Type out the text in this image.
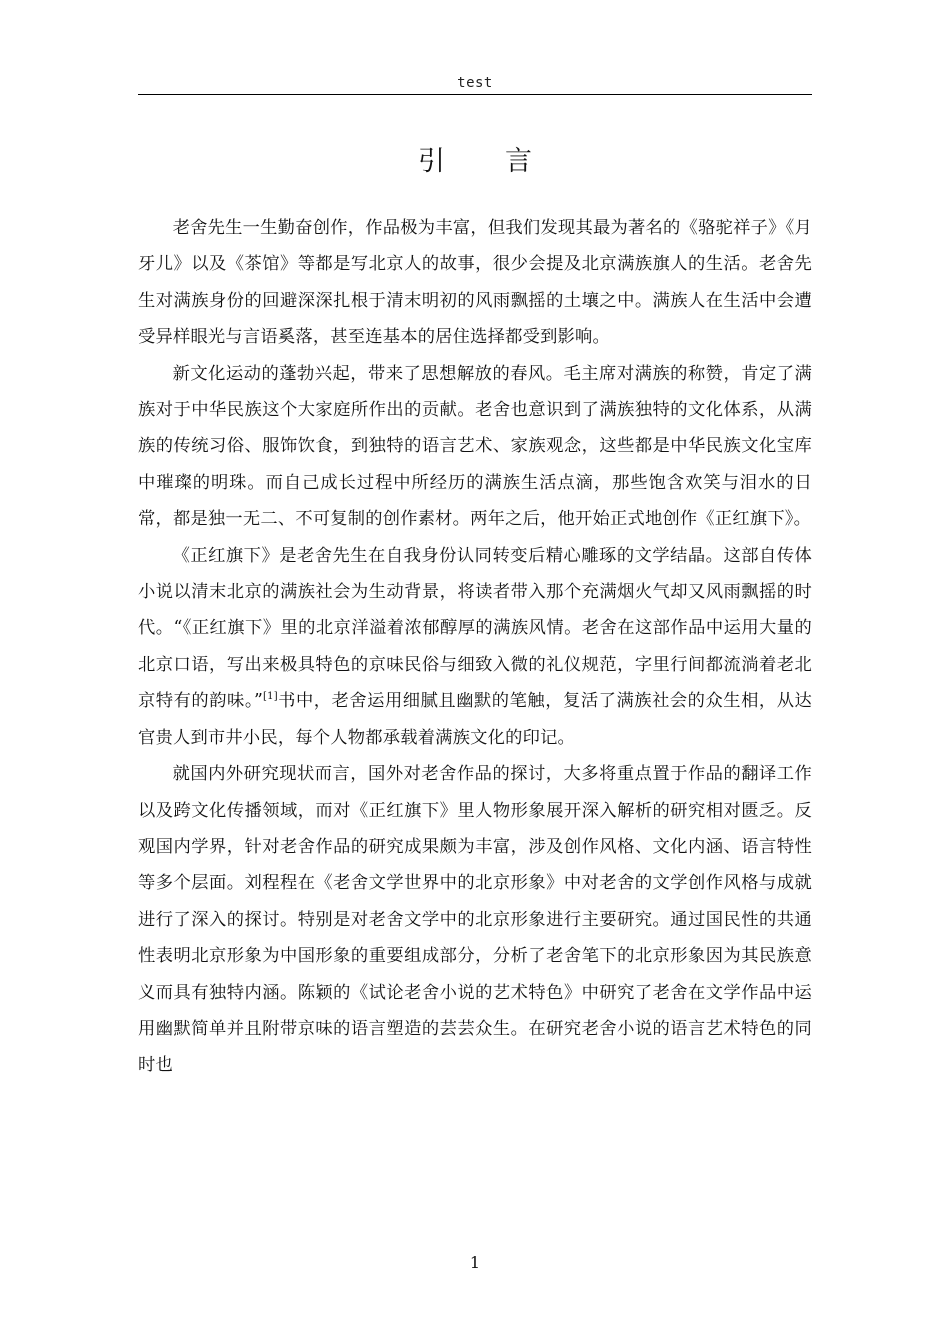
test
引言

老舍先生一生勤奋创作，作品极为丰富，但我们发现其最为著名的《骆驼祥子》《月牙儿》以及《茶馆》等都是写北京人的故事，很少会提及北京满族旗人的生活。老舍先生对满族身份的回避深深扎根于清末明初的风雨飘摇的土壤之中。满族人在生活中会遭受异样眼光与言语奚落，甚至连基本的居住选择都受到影响。

新文化运动的蓬勃兴起，带来了思想解放的春风。毛主席对满族的称赞，肯定了满族对于中华民族这个大家庭所作出的贡献。老舍也意识到了满族独特的文化体系，从满族的传统习俗、服饰饮食，到独特的语言艺术、家族观念，这些都是中华民族文化宝库中璀璨的明珠。而自己成长过程中所经历的满族生活点滴，那些饱含欢笑与泪水的日常，都是独一无二、不可复制的创作素材。两年之后，他开始正式地创作《正红旗下》。

《正红旗下》是老舍先生在自我身份认同转变后精心雕琢的文学结晶。这部自传体小说以清末北京的满族社会为生动背景，将读者带入那个充满烟火气却又风雨飘摇的时代。“《正红旗下》里的北京洋溢着浓郁醇厚的满族风情。老舍在这部作品中运用大量的北京口语，写出来极具特色的京味民俗与细致入微的礼仪规范，字里行间都流淌着老北京特有的韵味。”[1]书中，老舍运用细腻且幽默的笔触，复活了满族社会的众生相，从达官贵人到市井小民，每个人物都承载着满族文化的印记。

就国内外研究现状而言，国外对老舍作品的探讨，大多将重点置于作品的翻译工作以及跨文化传播领域，而对《正红旗下》里人物形象展开深入解析的研究相对匮乏。反观国内学界，针对老舍作品的研究成果颇为丰富，涉及创作风格、文化内涵、语言特性等多个层面。刘程程在《老舍文学世界中的北京形象》中对老舍的文学创作风格与成就进行了深入的探讨。特别是对老舍文学中的北京形象进行主要研究。通过国民性的共通性表明北京形象为中国形象的重要组成部分，分析了老舍笔下的北京形象因为其民族意义而具有独特内涵。陈颖的《试论老舍小说的艺术特色》中研究了老舍在文学作品中运用幽默简单并且附带京味的语言塑造的芸芸众生。在研究老舍小说的语言艺术特色的同时也

1
